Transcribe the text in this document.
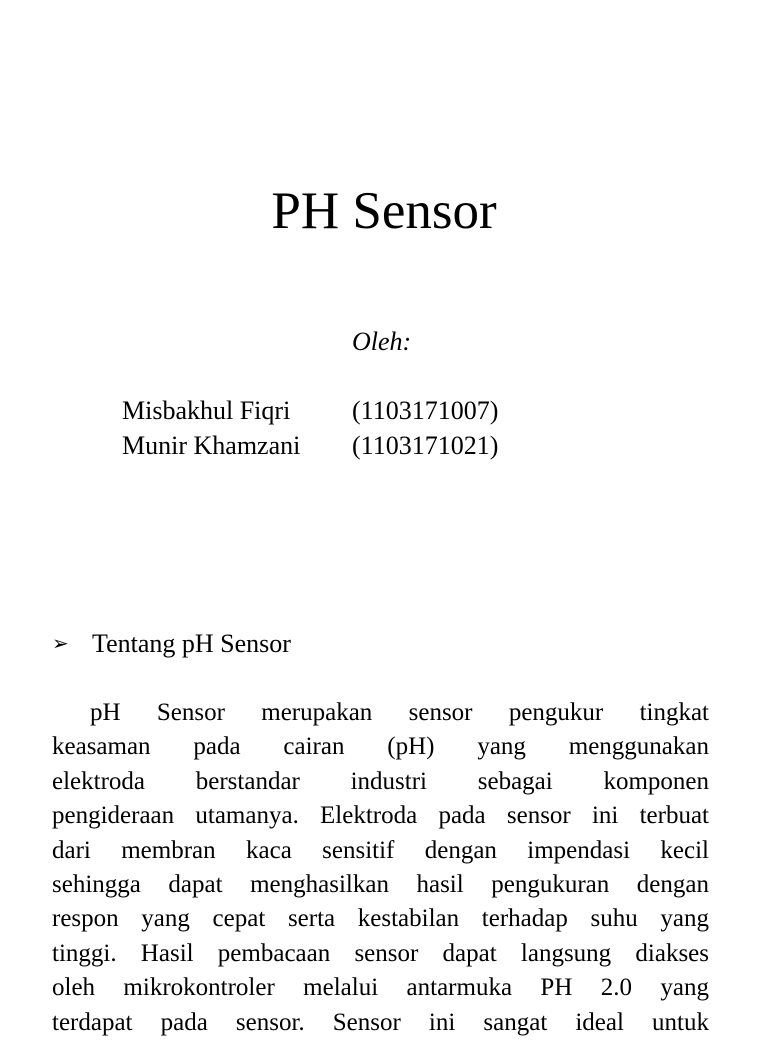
PH Sensor
Oleh:
Misbakhul Fiqri (1103171007)
Munir Khamzani (1103171021)
➢ Tentang pH Sensor
pH Sensor merupakan sensor pengukur tingkat
keasaman pada cairan (pH) yang menggunakan
elektroda berstandar industri sebagai komponen
pengideraan utamanya. Elektroda pada sensor ini terbuat
dari membran kaca sensitif dengan impendasi kecil
sehingga dapat menghasilkan hasil pengukuran dengan
respon yang cepat serta kestabilan terhadap suhu yang
tinggi. Hasil pembacaan sensor dapat langsung diakses
oleh mikrokontroler melalui antarmuka PH 2.0 yang
terdapat pada sensor. Sensor ini sangat ideal untuk
